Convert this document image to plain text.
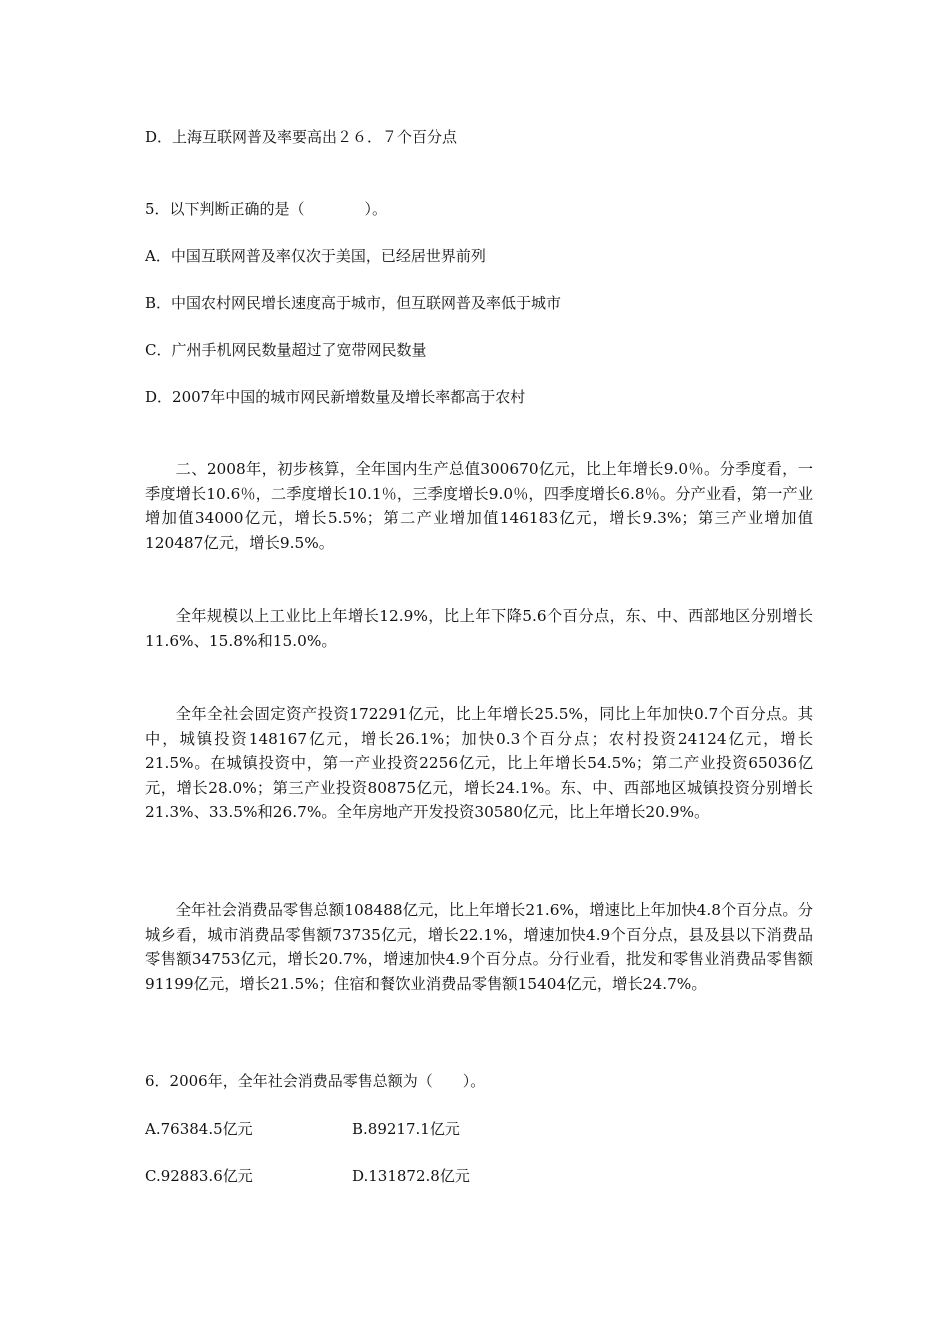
D．上海互联网普及率要高出２６．７个百分点
5．以下判断正确的是（　　　　）。
A．中国互联网普及率仅次于美国，已经居世界前列
B．中国农村网民增长速度高于城市，但互联网普及率低于城市
C．广州手机网民数量超过了宽带网民数量
D．2007年中国的城市网民新增数量及增长率都高于农村
二、2008年，初步核算，全年国内生产总值300670亿元，比上年增长9.0％。分季度看，一季度增长10.6％，二季度增长10.1％，三季度增长9.0％，四季度增长6.8％。分产业看，第一产业增加值34000亿元，增长5.5%；第二产业增加值146183亿元，增长9.3%；第三产业增加值120487亿元，增长9.5%。
全年规模以上工业比上年增长12.9%，比上年下降5.6个百分点，东、中、西部地区分别增长11.6%、15.8%和15.0%。
全年全社会固定资产投资172291亿元，比上年增长25.5%，同比上年加快0.7个百分点。其中，城镇投资148167亿元，增长26.1%；加快0.3个百分点；农村投资24124亿元，增长21.5%。在城镇投资中，第一产业投资2256亿元，比上年增长54.5%；第二产业投资65036亿元，增长28.0%；第三产业投资80875亿元，增长24.1%。东、中、西部地区城镇投资分别增长21.3%、33.5%和26.7%。全年房地产开发投资30580亿元，比上年增长20.9%。
全年社会消费品零售总额108488亿元，比上年增长21.6%，增速比上年加快4.8个百分点。分城乡看，城市消费品零售额73735亿元，增长22.1%，增速加快4.9个百分点，县及县以下消费品零售额34753亿元，增长20.7%，增速加快4.9个百分点。分行业看，批发和零售业消费品零售额91199亿元，增长21.5%；住宿和餐饮业消费品零售额15404亿元，增长24.7%。
6．2006年，全年社会消费品零售总额为（　　）。
A.76384.5亿元	B.89217.1亿元
C.92883.6亿元	D.131872.8亿元
